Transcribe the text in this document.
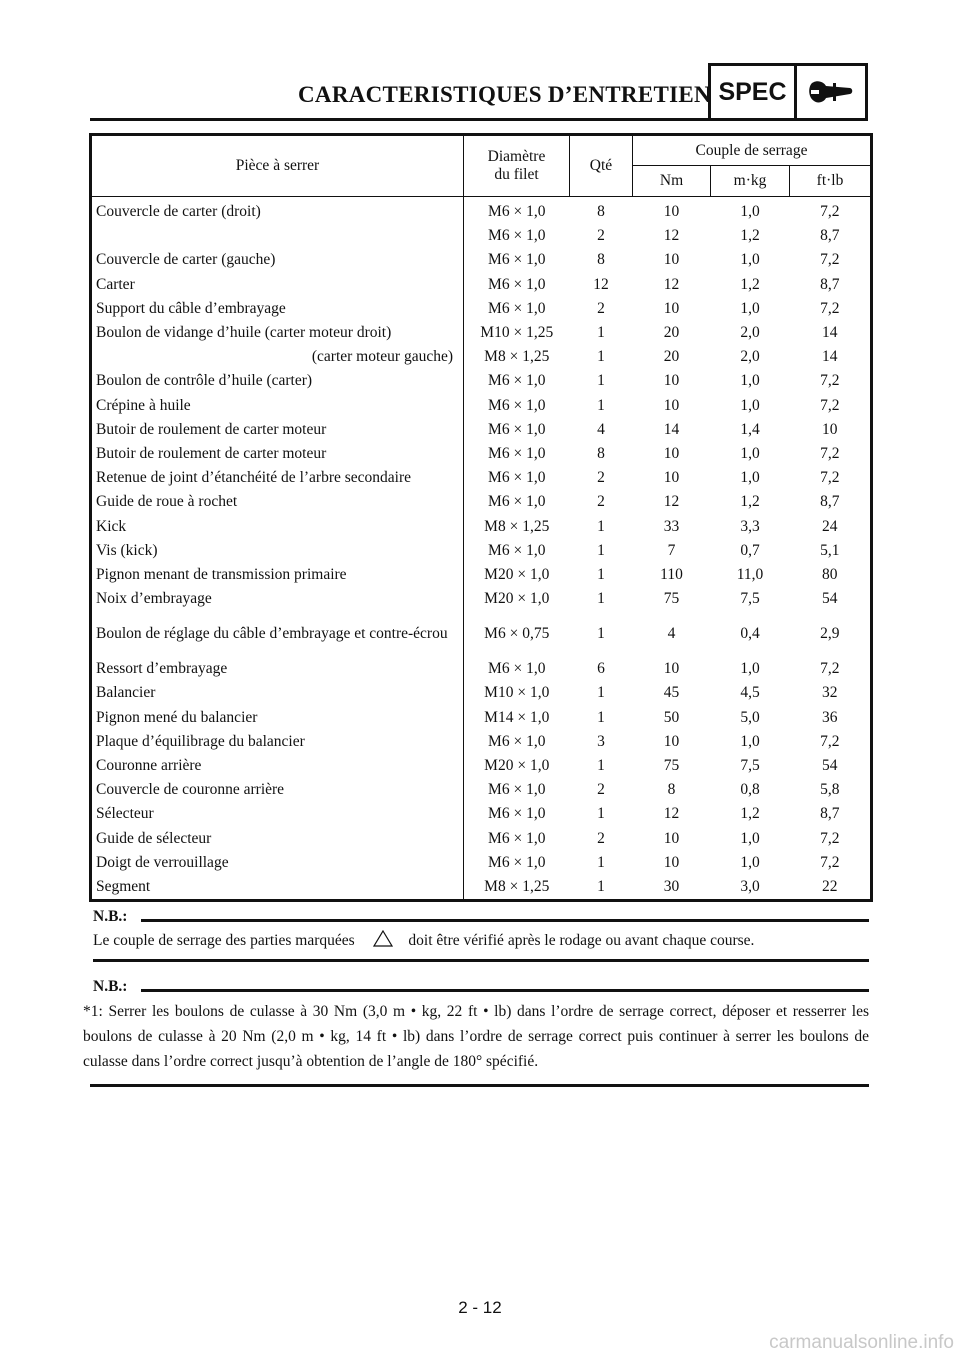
CARACTERISTIQUES D’ENTRETIEN SPEC
Pièce à serrer	Diamètre du filet	Qté	Couple de serrage		
			Nm	m·kg	ft·lb
Couvercle de carter (droit)	M6 × 1,0	8	10	1,0	7,2
	M6 × 1,0	2	12	1,2	8,7
Couvercle de carter (gauche)	M6 × 1,0	8	10	1,0	7,2
Carter	M6 × 1,0	12	12	1,2	8,7
Support du câble d’embrayage	M6 × 1,0	2	10	1,0	7,2
Boulon de vidange d’huile (carter moteur droit)	M10 × 1,25	1	20	2,0	14
(carter moteur gauche)	M8 × 1,25	1	20	2,0	14
Boulon de contrôle d’huile (carter)	M6 × 1,0	1	10	1,0	7,2
Crépine à huile	M6 × 1,0	1	10	1,0	7,2
Butoir de roulement de carter moteur	M6 × 1,0	4	14	1,4	10
Butoir de roulement de carter moteur	M6 × 1,0	8	10	1,0	7,2
Retenue de joint d’étanchéité de l’arbre secondaire	M6 × 1,0	2	10	1,0	7,2
Guide de roue à rochet	M6 × 1,0	2	12	1,2	8,7
Kick	M8 × 1,25	1	33	3,3	24
Vis (kick)	M6 × 1,0	1	7	0,7	5,1
Pignon menant de transmission primaire	M20 × 1,0	1	110	11,0	80
Noix d’embrayage	M20 × 1,0	1	75	7,5	54
Boulon de réglage du câble d’embrayage et contre-écrou	M6 × 0,75	1	4	0,4	2,9
Ressort d’embrayage	M6 × 1,0	6	10	1,0	7,2
Balancier	M10 × 1,0	1	45	4,5	32
Pignon mené du balancier	M14 × 1,0	1	50	5,0	36
Plaque d’équilibrage du balancier	M6 × 1,0	3	10	1,0	7,2
Couronne arrière	M20 × 1,0	1	75	7,5	54
Couvercle de couronne arrière	M6 × 1,0	2	8	0,8	5,8
Sélecteur	M6 × 1,0	1	12	1,2	8,7
Guide de sélecteur	M6 × 1,0	2	10	1,0	7,2
Doigt de verrouillage	M6 × 1,0	1	10	1,0	7,2
Segment	M8 × 1,25	1	30	3,0	22
N.B.:
Le couple de serrage des parties marquées	doit être vérifié après le rodage ou avant chaque course.
N.B.:
*1: Serrer les boulons de culasse à 30 Nm (3,0 m • kg, 22 ft • lb) dans l’ordre de serrage correct, déposer et resserrer les boulons de culasse à 20 Nm (2,0 m • kg, 14 ft • lb) dans l’ordre de serrage correct puis continuer à serrer les boulons de culasse dans l’ordre correct jusqu’à obtention de l’angle de 180° spécifié.
2 - 12
carmanualsonline.info
